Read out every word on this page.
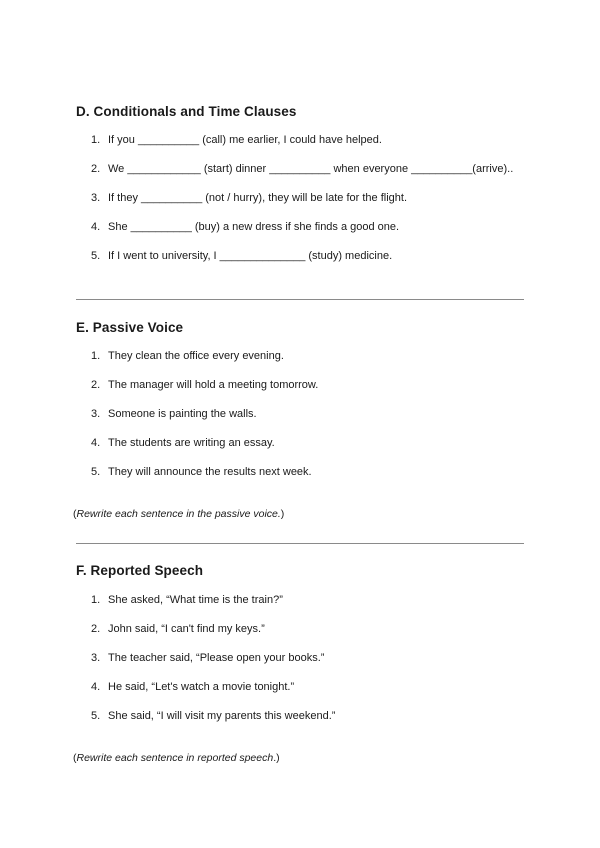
D. Conditionals and Time Clauses
1. If you __________ (call) me earlier, I could have helped.
2. We ____________ (start) dinner __________ when everyone __________(arrive)..
3. If they __________ (not / hurry), they will be late for the flight.
4. She __________ (buy) a new dress if she finds a good one.
5. If I went to university, I ______________ (study) medicine.
E. Passive Voice
1. They clean the office every evening.
2. The manager will hold a meeting tomorrow.
3. Someone is painting the walls.
4. The students are writing an essay.
5. They will announce the results next week.
(Rewrite each sentence in the passive voice.)
F. Reported Speech
1. She asked, “What time is the train?”
2. John said, “I can't find my keys.”
3. The teacher said, “Please open your books.”
4. He said, “Let's watch a movie tonight.”
5. She said, “I will visit my parents this weekend.”
(Rewrite each sentence in reported speech.)
